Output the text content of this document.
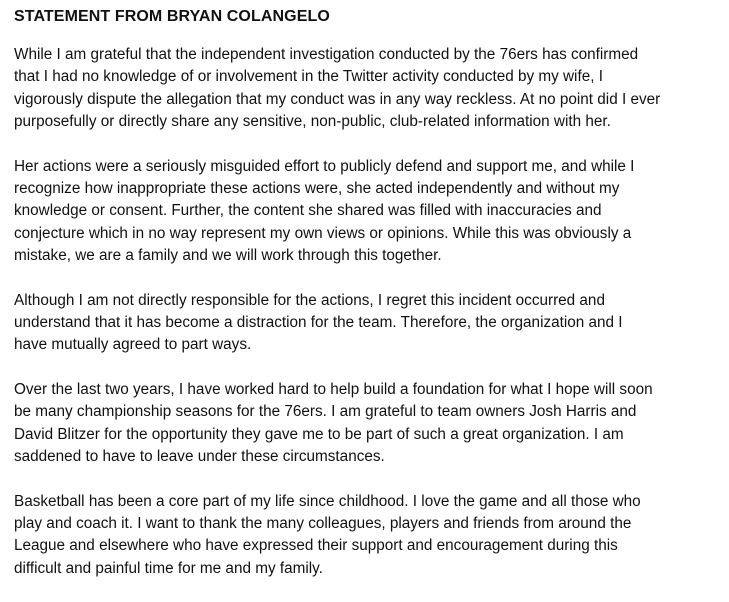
STATEMENT FROM BRYAN COLANGELO
While I am grateful that the independent investigation conducted by the 76ers has confirmed
that I had no knowledge of or involvement in the Twitter activity conducted by my wife, I
vigorously dispute the allegation that my conduct was in any way reckless. At no point did I ever
purposefully or directly share any sensitive, non-public, club-related information with her.
Her actions were a seriously misguided effort to publicly defend and support me, and while I
recognize how inappropriate these actions were, she acted independently and without my
knowledge or consent. Further, the content she shared was filled with inaccuracies and
conjecture which in no way represent my own views or opinions. While this was obviously a
mistake, we are a family and we will work through this together.
Although I am not directly responsible for the actions, I regret this incident occurred and
understand that it has become a distraction for the team. Therefore, the organization and I
have mutually agreed to part ways.
Over the last two years, I have worked hard to help build a foundation for what I hope will soon
be many championship seasons for the 76ers. I am grateful to team owners Josh Harris and
David Blitzer for the opportunity they gave me to be part of such a great organization. I am
saddened to have to leave under these circumstances.
Basketball has been a core part of my life since childhood. I love the game and all those who
play and coach it. I want to thank the many colleagues, players and friends from around the
League and elsewhere who have expressed their support and encouragement during this
difficult and painful time for me and my family.
